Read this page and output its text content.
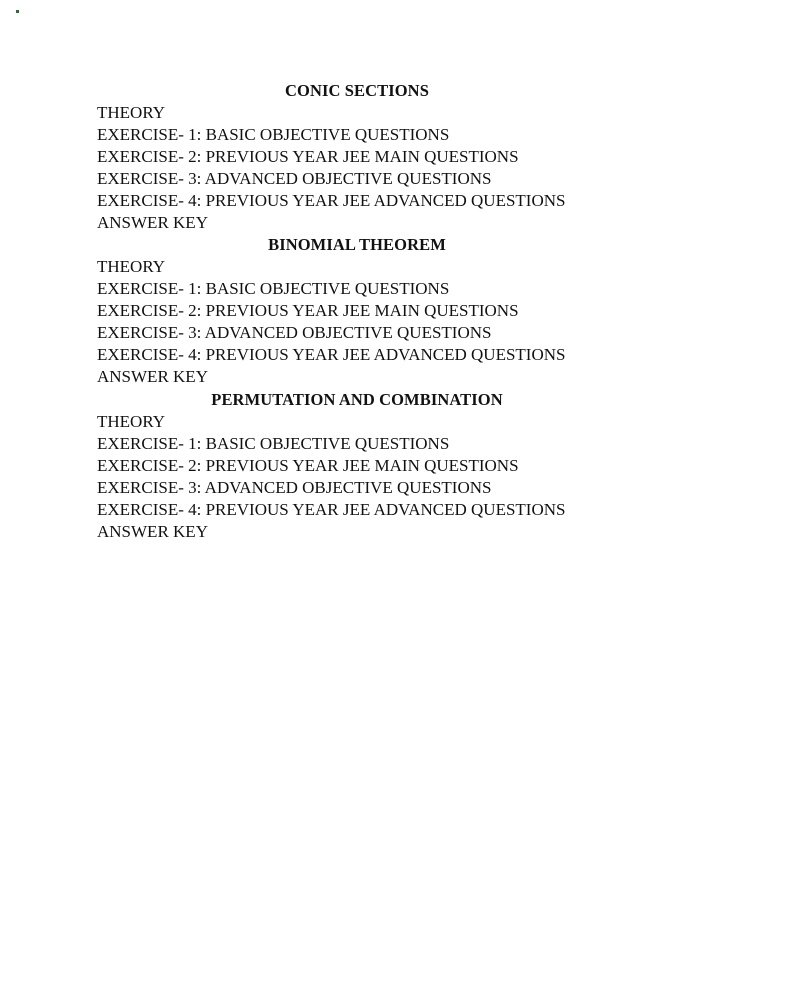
CONIC SECTIONS
THEORY
EXERCISE- 1: BASIC OBJECTIVE QUESTIONS
EXERCISE- 2: PREVIOUS YEAR JEE MAIN QUESTIONS
EXERCISE- 3: ADVANCED OBJECTIVE QUESTIONS
EXERCISE- 4: PREVIOUS YEAR JEE ADVANCED QUESTIONS
ANSWER KEY
BINOMIAL THEOREM
THEORY
EXERCISE- 1: BASIC OBJECTIVE QUESTIONS
EXERCISE- 2: PREVIOUS YEAR JEE MAIN QUESTIONS
EXERCISE- 3: ADVANCED OBJECTIVE QUESTIONS
EXERCISE- 4: PREVIOUS YEAR JEE ADVANCED QUESTIONS
ANSWER KEY
PERMUTATION AND COMBINATION
THEORY
EXERCISE- 1: BASIC OBJECTIVE QUESTIONS
EXERCISE- 2: PREVIOUS YEAR JEE MAIN QUESTIONS
EXERCISE- 3: ADVANCED OBJECTIVE QUESTIONS
EXERCISE- 4: PREVIOUS YEAR JEE ADVANCED QUESTIONS
ANSWER KEY
